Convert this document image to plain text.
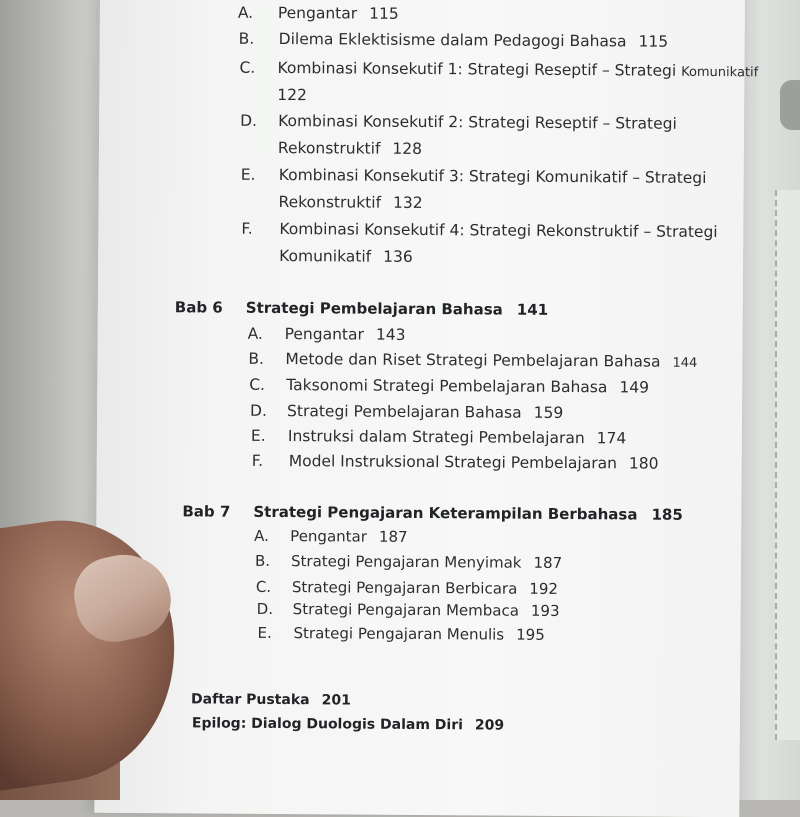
A.	Pengantar 115
B.	Dilema Eklektisisme dalam Pedagogi Bahasa 115
C.	Kombinasi Konsekutif 1: Strategi Reseptif – Strategi Komunikatif
122
D.	Kombinasi Konsekutif 2: Strategi Reseptif – Strategi
Rekonstruktif 128
E.	Kombinasi Konsekutif 3: Strategi Komunikatif – Strategi
Rekonstruktif 132
F.	Kombinasi Konsekutif 4: Strategi Rekonstruktif – Strategi
Komunikatif 136
Bab 6 Strategi Pembelajaran Bahasa 141
A.	Pengantar 143
B.	Metode dan Riset Strategi Pembelajaran Bahasa 144
C.	Taksonomi Strategi Pembelajaran Bahasa 149
D.	Strategi Pembelajaran Bahasa 159
E.	Instruksi dalam Strategi Pembelajaran 174
F.	Model Instruksional Strategi Pembelajaran 180
Bab 7 Strategi Pengajaran Keterampilan Berbahasa 185
A.	Pengantar 187
B.	Strategi Pengajaran Menyimak 187
C.	Strategi Pengajaran Berbicara 192
D.	Strategi Pengajaran Membaca 193
E.	Strategi Pengajaran Menulis 195
Daftar Pustaka 201
Epilog: Dialog Duologis Dalam Diri 209
